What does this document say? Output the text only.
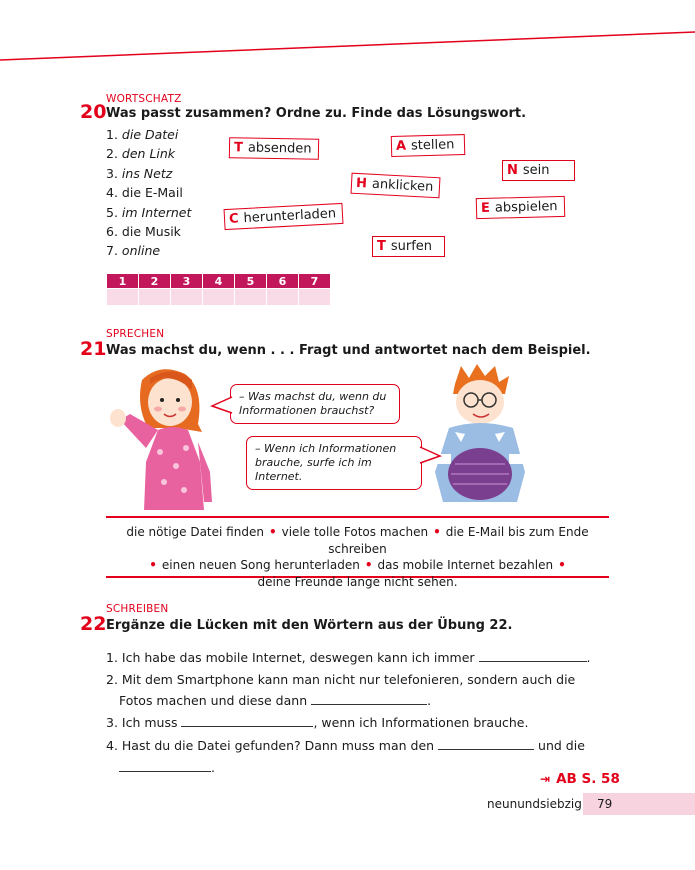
WORTSCHATZ
20 Was passt zusammen? Ordne zu. Finde das Lösungswort.
1. die Datei
2. den Link
3. ins Netz
4. die E-Mail
5. im Internet
6. die Musik
7. online
T absenden	A stellen
N sein
H anklicken
E abspielen
C herunterladen
T surfen
1	2	3	4	5	6	7

SPRECHEN
21 Was machst du, wenn . . . Fragt und antwortet nach dem Beispiel.
– Was machst du, wenn du
Informationen brauchst?
– Wenn ich Informationen
brauche, surfe ich im Internet.
die nötige Datei finden • viele tolle Fotos machen • die E-Mail bis zum Ende schreiben
• einen neuen Song herunterladen • das mobile Internet bezahlen •
deine Freunde lange nicht sehen.
SCHREIBEN
22 Ergänze die Lücken mit den Wörtern aus der Übung 22.
1. Ich habe das mobile Internet, deswegen kann ich immer	.
2. Mit dem Smartphone kann man nicht nur telefonieren, sondern auch die
Fotos machen und diese dann	.
3. Ich muss	, wenn ich Informationen brauche.
4. Hast du die Datei gefunden? Dann muss man den	und die
.
⇥ AB S. 58
neunundsiebzig	79
